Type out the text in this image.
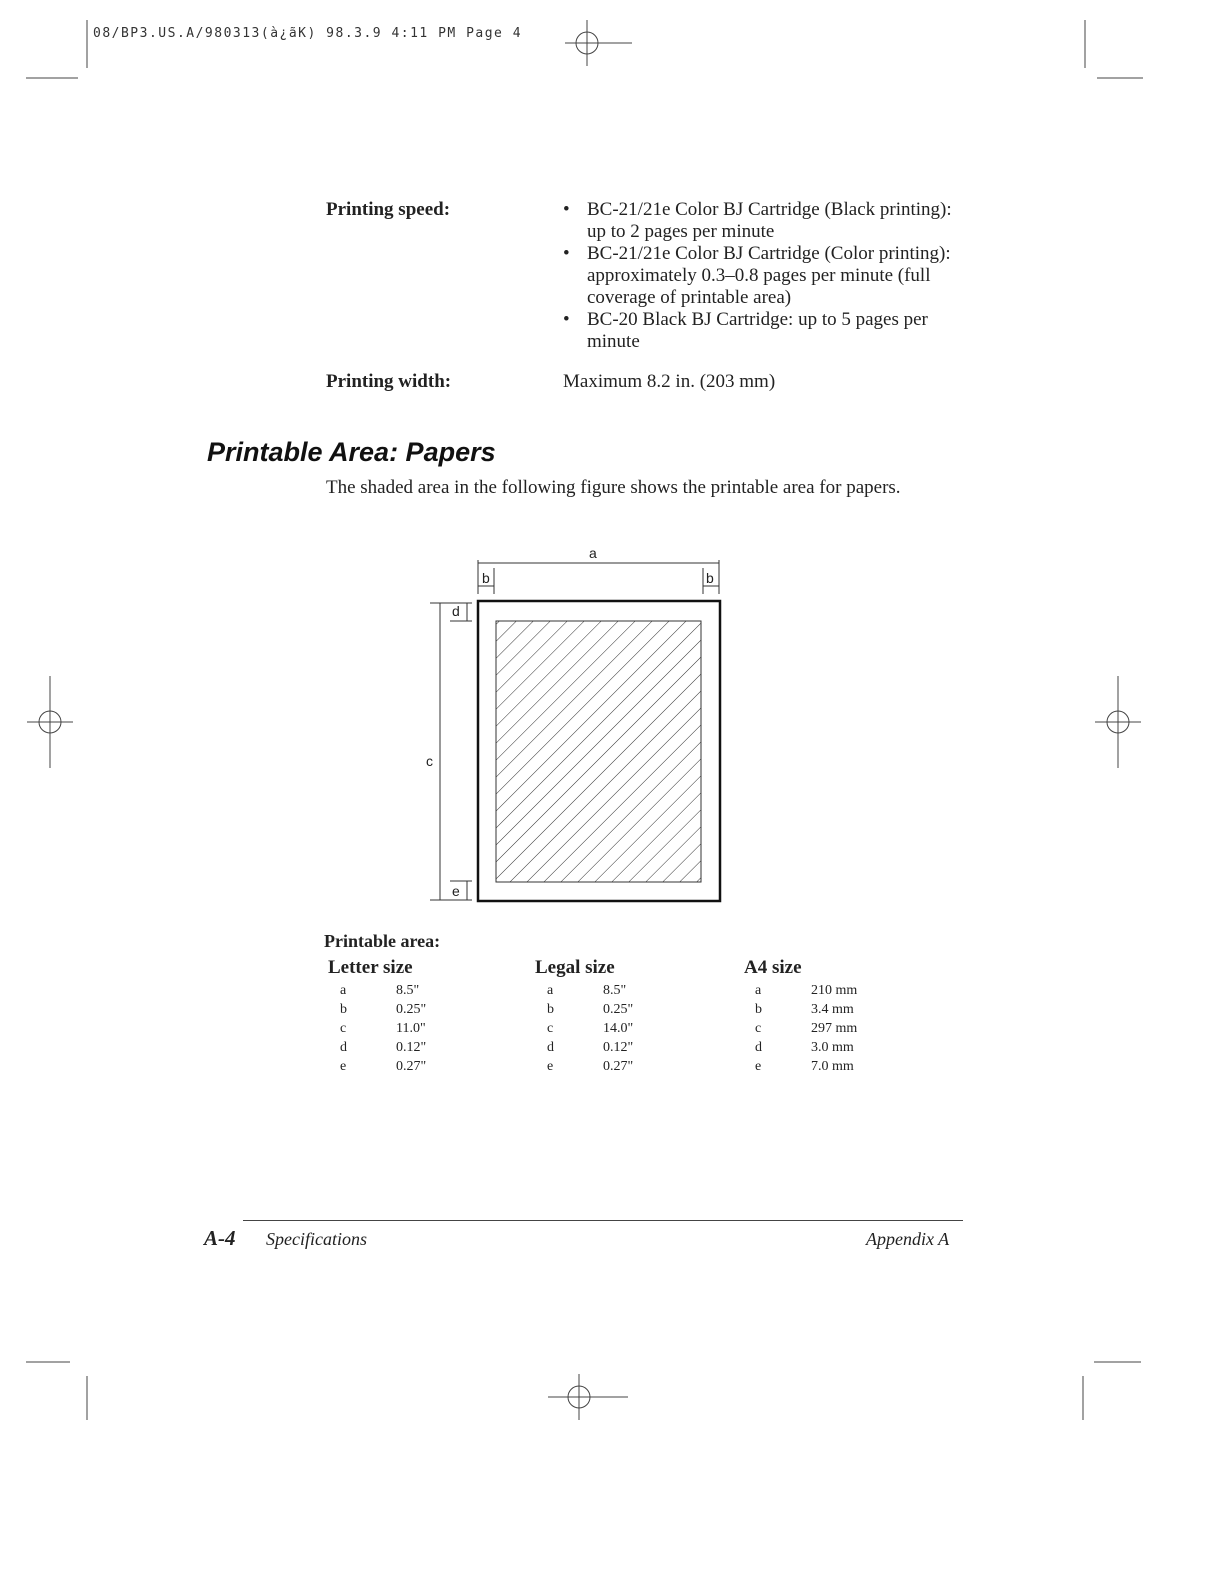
08/BP3.US.A/980313(à¿ãK) 98.3.9 4:11 PM Page 4
Printing speed:
•	BC-21/21e Color BJ Cartridge (Black printing): up to 2 pages per minute
• BC-21/21e Color BJ Cartridge (Color printing): approximately 0.3–0.8 pages per minute (full coverage of printable area)
• BC-20 Black BJ Cartridge: up to 5 pages per minute
Printing width:	Maximum 8.2 in. (203 mm)
Printable Area: Papers
The shaded area in the following figure shows the printable area for papers.
a
b	b
d
c
e
Printable area:
Letter size
a	8.5"
b	0.25"
c	11.0"
d	0.12"
e	0.27"
Legal size
a	8.5"
b	0.25"
c	14.0"
d	0.12"
e	0.27"
A4 size
a	210 mm
b	3.4 mm
c	297 mm
d	3.0 mm
e	7.0 mm
A-4 Specifications	Appendix A
